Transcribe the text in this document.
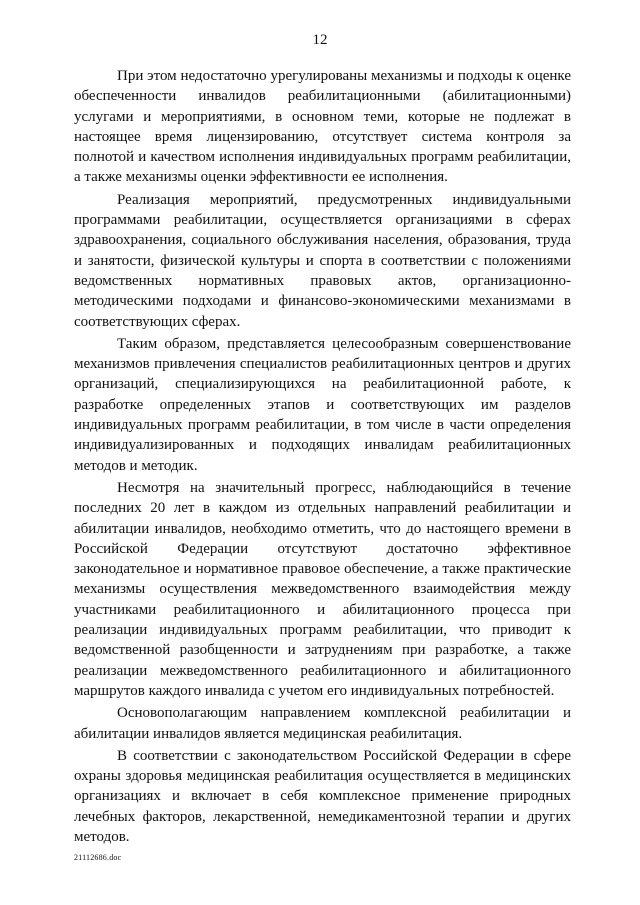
12

При этом недостаточно урегулированы механизмы и подходы к оценке обеспеченности инвалидов реабилитационными (абилитационными) услугами и мероприятиями, в основном теми, которые не подлежат в настоящее время лицензированию, отсутствует система контроля за полнотой и качеством исполнения индивидуальных программ реабилитации, а также механизмы оценки эффективности ее исполнения.

Реализация мероприятий, предусмотренных индивидуальными программами реабилитации, осуществляется организациями в сферах здравоохранения, социального обслуживания населения, образования, труда и занятости, физической культуры и спорта в соответствии с положениями ведомственных нормативных правовых актов, организационно-методическими подходами и финансово-экономическими механизмами в соответствующих сферах.

Таким образом, представляется целесообразным совершенствование механизмов привлечения специалистов реабилитационных центров и других организаций, специализирующихся на реабилитационной работе, к разработке определенных этапов и соответствующих им разделов индивидуальных программ реабилитации, в том числе в части определения индивидуализированных и подходящих инвалидам реабилитационных методов и методик.

Несмотря на значительный прогресс, наблюдающийся в течение последних 20 лет в каждом из отдельных направлений реабилитации и абилитации инвалидов, необходимо отметить, что до настоящего времени в Российской Федерации отсутствуют достаточно эффективное законодательное и нормативное правовое обеспечение, а также практические механизмы осуществления межведомственного взаимодействия между участниками реабилитационного и абилитационного процесса при реализации индивидуальных программ реабилитации, что приводит к ведомственной разобщенности и затруднениям при разработке, а также реализации межведомственного реабилитационного и абилитационного маршрутов каждого инвалида с учетом его индивидуальных потребностей.

Основополагающим направлением комплексной реабилитации и абилитации инвалидов является медицинская реабилитация.

В соответствии с законодательством Российской Федерации в сфере охраны здоровья медицинская реабилитация осуществляется в медицинских организациях и включает в себя комплексное применение природных лечебных факторов, лекарственной, немедикаментозной терапии и других методов.

21112686.doc
